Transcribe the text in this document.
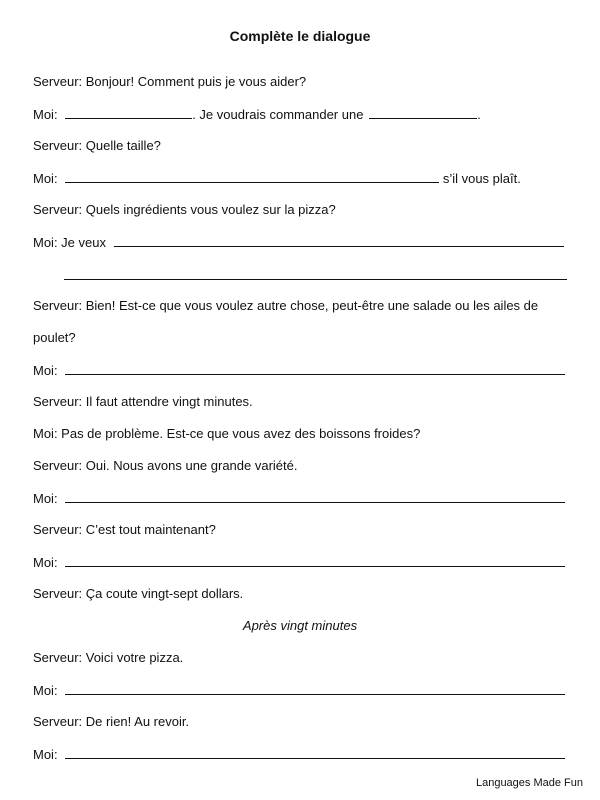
Complète le dialogue
Serveur: Bonjour! Comment puis je vous aider?
Moi:	. Je voudrais commander une	.
Serveur: Quelle taille?
Moi:	s’il vous plaît.
Serveur: Quels ingrédients vous voulez sur la pizza?
Moi: Je veux
Serveur: Bien! Est-ce que vous voulez autre chose, peut-être une salade ou les ailes de
poulet?
Moi:
Serveur: Il faut attendre vingt minutes.
Moi: Pas de problème. Est-ce que vous avez des boissons froides?
Serveur: Oui. Nous avons une grande variété.
Moi:
Serveur: C’est tout maintenant?
Moi:
Serveur: Ça coute vingt-sept dollars.
Après vingt minutes
Serveur: Voici votre pizza.
Moi:
Serveur: De rien! Au revoir.
Moi:
Languages Made Fun
